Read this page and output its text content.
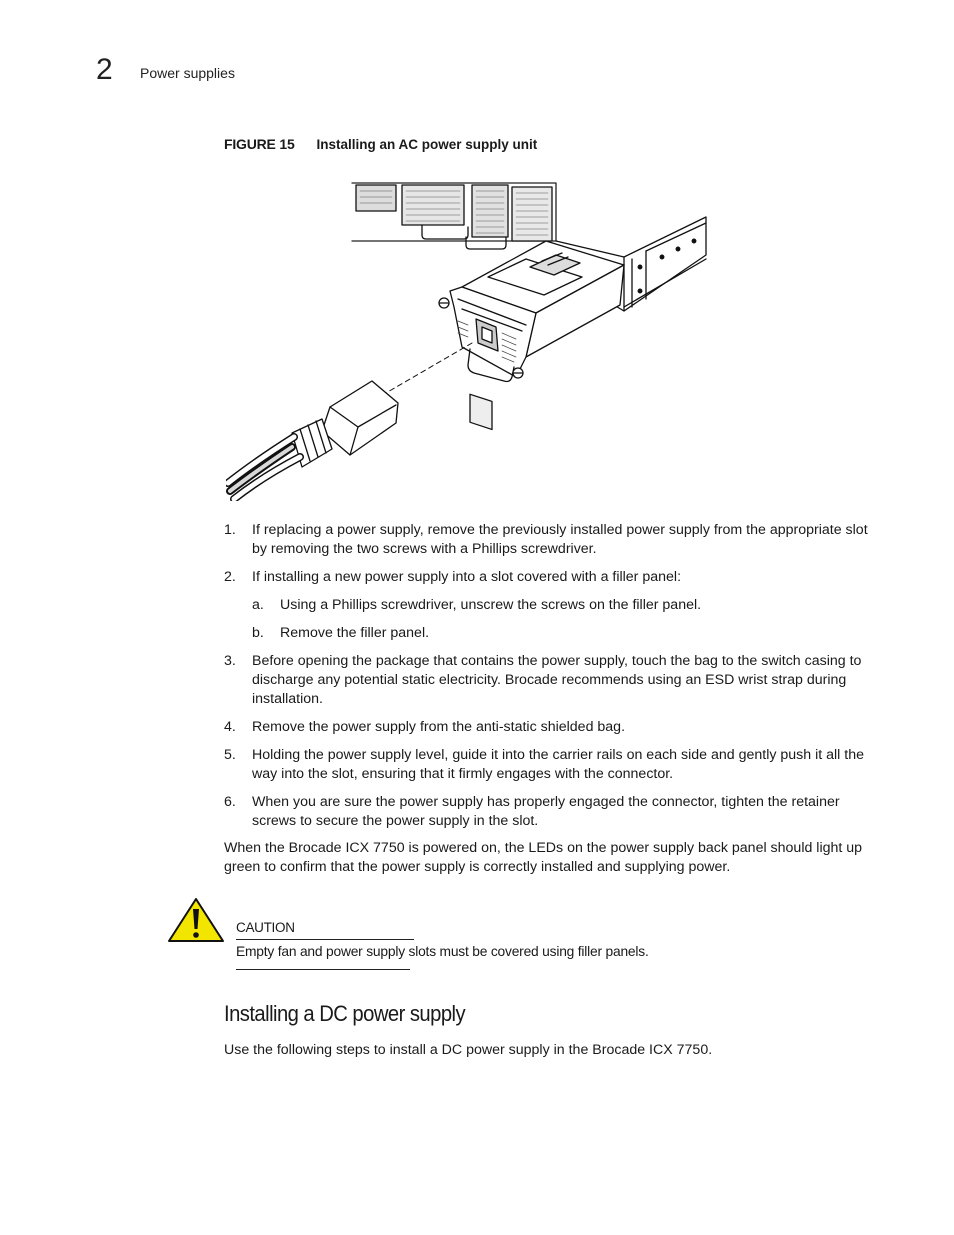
2 Power supplies
FIGURE 15 Installing an AC power supply unit
1. If replacing a power supply, remove the previously installed power supply from the appropriate slot by removing the two screws with a Phillips screwdriver.
2. If installing a new power supply into a slot covered with a filler panel:
a. Using a Phillips screwdriver, unscrew the screws on the filler panel.
b. Remove the filler panel.
3. Before opening the package that contains the power supply, touch the bag to the switch casing to discharge any potential static electricity. Brocade recommends using an ESD wrist strap during installation.
4. Remove the power supply from the anti-static shielded bag.
5. Holding the power supply level, guide it into the carrier rails on each side and gently push it all the way into the slot, ensuring that it firmly engages with the connector.
6. When you are sure the power supply has properly engaged the connector, tighten the retainer screws to secure the power supply in the slot.

When the Brocade ICX 7750 is powered on, the LEDs on the power supply back panel should light up green to confirm that the power supply is correctly installed and supplying power.

CAUTION
Empty fan and power supply slots must be covered using filler panels.
Installing a DC power supply

Use the following steps to install a DC power supply in the Brocade ICX 7750.
